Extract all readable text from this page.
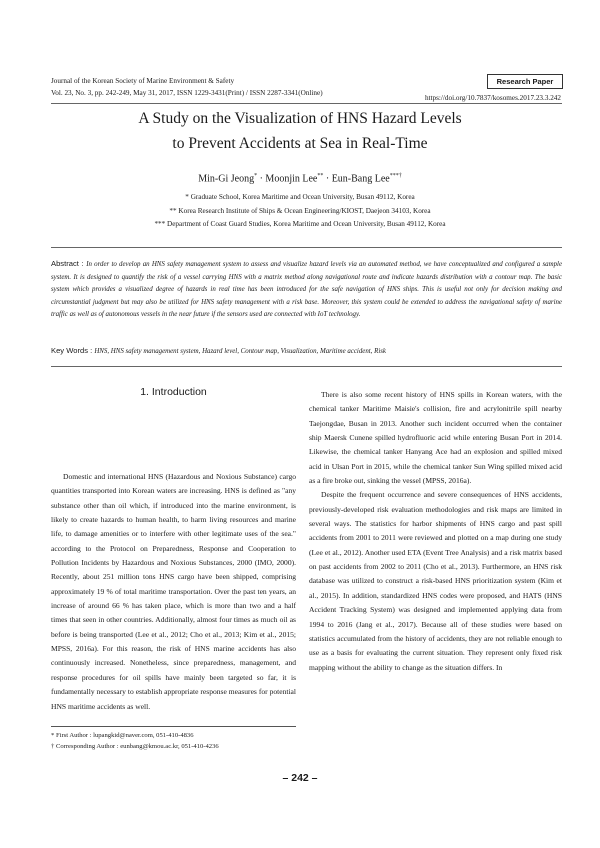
Journal of the Korean Society of Marine Environment & Safety
Vol. 23, No. 3, pp. 242-249, May 31, 2017, ISSN 1229-3431(Print) / ISSN 2287-3341(Online)
Research Paper
https://doi.org/10.7837/kosomes.2017.23.3.242
A Study on the Visualization of HNS Hazard Levels
to Prevent Accidents at Sea in Real-Time
Min-Gi Jeong* · Moonjin Lee** · Eun-Bang Lee***†
* Graduate School, Korea Maritime and Ocean University, Busan 49112, Korea
** Korea Research Institute of Ships & Ocean Engineering/KIOST, Daejeon 34103, Korea
*** Department of Coast Guard Studies, Korea Maritime and Ocean University, Busan 49112, Korea
Abstract : In order to develop an HNS safety management system to assess and visualize hazard levels via an automated method, we have conceptualized and configured a sample system. It is designed to quantify the risk of a vessel carrying HNS with a matrix method along navigational route and indicate hazards distribution with a contour map. The basic system which provides a visualized degree of hazards in real time has been introduced for the safe navigation of HNS ships. This is useful not only for decision making and circumstantial judgment but may also be utilized for HNS safety management with a risk base. Moreover, this system could be extended to address the navigational safety of marine traffic as well as of autonomous vessels in the near future if the sensors used are connected with IoT technology.
Key Words : HNS, HNS safety management system, Hazard level, Contour map, Visualization, Maritime accident, Risk
1. Introduction

Domestic and international HNS (Hazardous and Noxious Substance) cargo quantities transported into Korean waters are increasing. HNS is defined as "any substance other than oil which, if introduced into the marine environment, is likely to create hazards to human health, to harm living resources and marine life, to damage amenities or to interfere with other legitimate uses of the sea." according to the Protocol on Preparedness, Response and Cooperation to Pollution Incidents by Hazardous and Noxious Substances, 2000 (IMO, 2000). Recently, about 251 million tons HNS cargo have been shipped, comprising approximately 19 % of total maritime transportation. Over the past ten years, an increase of around 66 % has taken place, which is more than two and a half times that seen in other countries. Additionally, almost four times as much oil as before is being transported (Lee et al., 2012; Cho et al., 2013; Kim et al., 2015; MPSS, 2016a). For this reason, the risk of HNS marine accidents has also continuously increased. Nonetheless, since preparedness, management, and response procedures for oil spills have mainly been targeted so far, it is fundamentally necessary to establish appropriate response measures for potential HNS maritime accidents as well.

There is also some recent history of HNS spills in Korean waters, with the chemical tanker Maritime Maisie's collision, fire and acrylonitrile spill nearby Taejongdae, Busan in 2013. Another such incident occurred when the container ship Maersk Cunene spilled hydrofluoric acid while entering Busan Port in 2014. Likewise, the chemical tanker Hanyang Ace had an explosion and spilled mixed acid in Ulsan Port in 2015, while the chemical tanker Sun Wing spilled mixed acid as a fire broke out, sinking the vessel (MPSS, 2016a).

Despite the frequent occurrence and severe consequences of HNS accidents, previously-developed risk evaluation methodologies and risk maps are limited in several ways. The statistics for harbor shipments of HNS cargo and past spill accidents from 2001 to 2011 were reviewed and plotted on a map during one study (Lee et al., 2012). Another used ETA (Event Tree Analysis) and a risk matrix based on past accidents from 2002 to 2011 (Cho et al., 2013). Furthermore, an HNS risk database was utilized to construct a risk-based HNS prioritization system (Kim et al., 2015). In addition, standardized HNS codes were proposed, and HATS (HNS Accident Tracking System) was designed and implemented applying data from 1994 to 2016 (Jang et al., 2017). Because all of these studies were based on statistics accumulated from the history of accidents, they are not reliable enough to use as a basis for evaluating the current situation. They represent only fixed risk mapping without the ability to change as the situation differs. In

* First Author : lupangkid@naver.com, 051-410-4836
† Corresponding Author : eunbang@kmou.ac.kr, 051-410-4236
– 242 –
